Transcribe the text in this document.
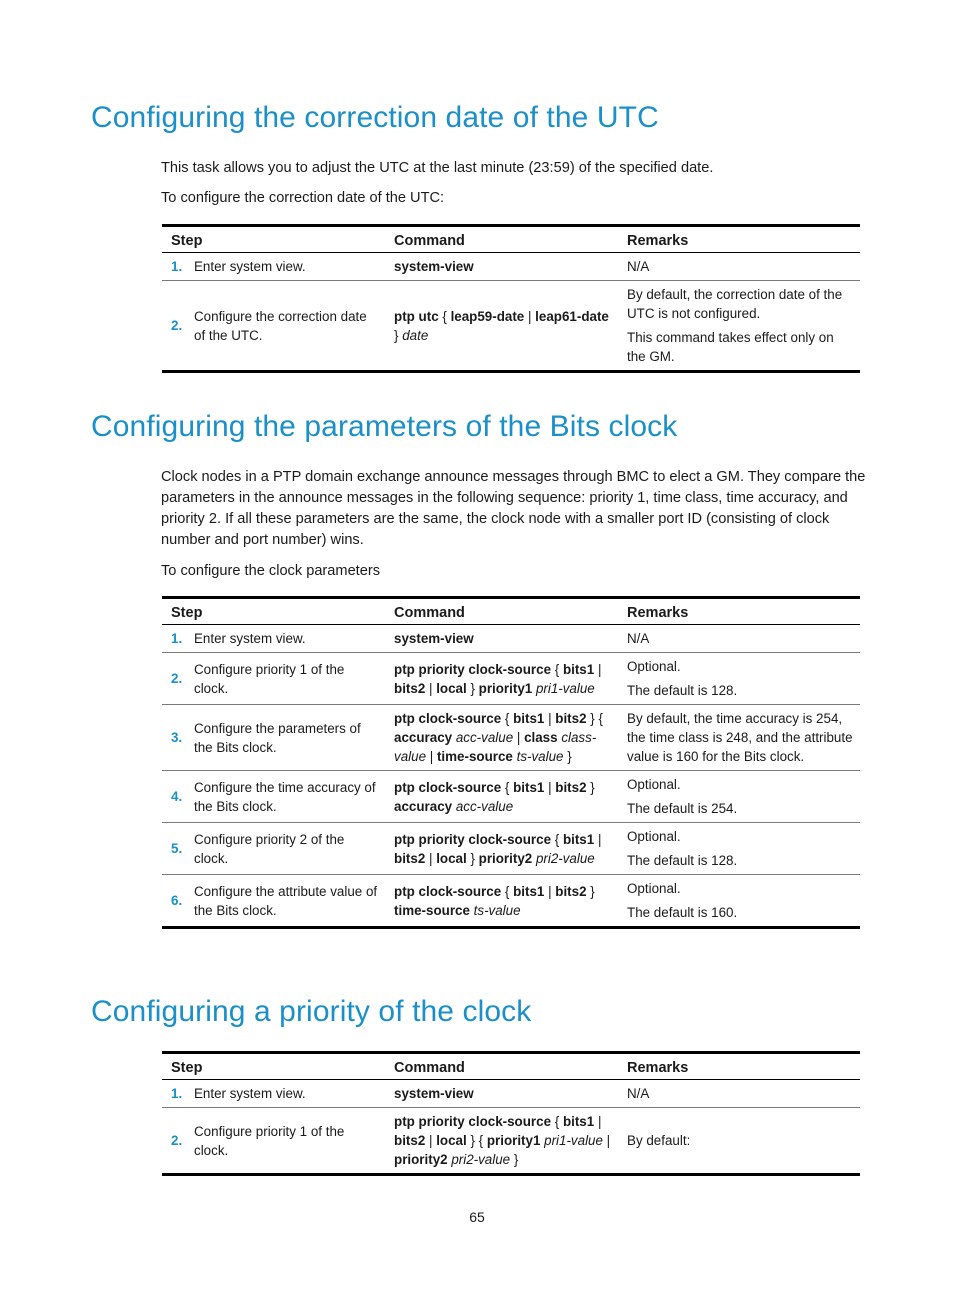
Configuring the correction date of the UTC

This task allows you to adjust the UTC at the last minute (23:59) of the specified date.

To configure the correction date of the UTC:

Step		Command	Remarks
1.	Enter system view.	system-view	N/A

2.	Configure the correction date of the UTC.	ptp utc { leap59-date | leap61-date } date	By default, the correction date of the UTC is not configured.

This command takes effect only on the GM.

Configuring the parameters of the Bits clock

Clock nodes in a PTP domain exchange announce messages through BMC to elect a GM. They compare the parameters in the announce messages in the following sequence: priority 1, time class, time accuracy, and priority 2. If all these parameters are the same, the clock node with a smaller port ID (consisting of clock number and port number) wins.

To configure the clock parameters

Step		Command	Remarks
1.	Enter system view.	system-view	N/A

2.	Configure priority 1 of the clock.	ptp priority clock-source { bits1 | bits2 | local } priority1 pri1-value	Optional.

The default is 128.

3.	Configure the parameters of the Bits clock.	ptp clock-source { bits1 | bits2 } { accuracy acc-value | class class-value | time-source ts-value }	By default, the time accuracy is 254, the time class is 248, and the attribute value is 160 for the Bits clock.

4.	Configure the time accuracy of the Bits clock.	ptp clock-source { bits1 | bits2 } accuracy acc-value	Optional.

The default is 254.

5.	Configure priority 2 of the clock.	ptp priority clock-source { bits1 | bits2 | local } priority2 pri2-value	Optional.

The default is 128.

6.	Configure the attribute value of the Bits clock.	ptp clock-source { bits1 | bits2 } time-source ts-value	Optional.

The default is 160.

Configuring a priority of the clock
Step		Command	Remarks
1.	Enter system view.	system-view	N/A

2.	Configure priority 1 of the clock.	ptp priority clock-source { bits1 | bits2 | local } { priority1 pri1-value | priority2 pri2-value }	By default:

65
